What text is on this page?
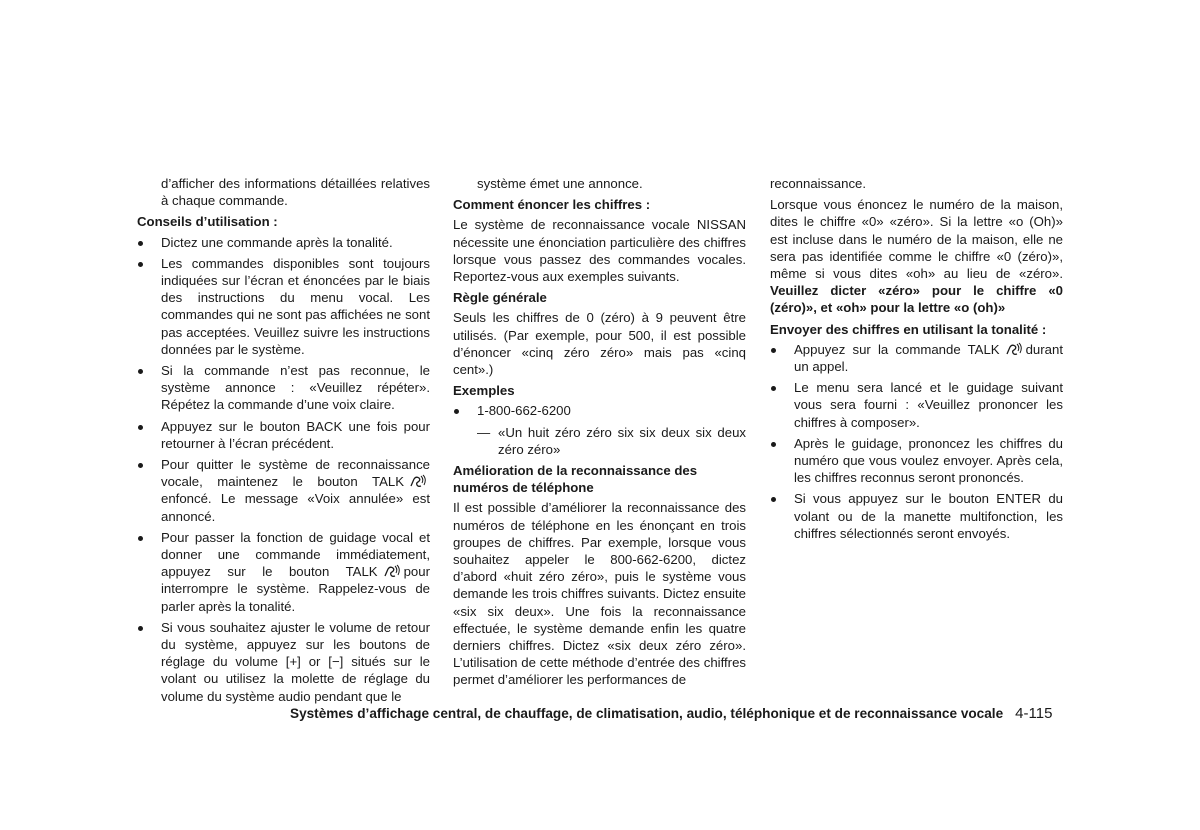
d’afficher des informations détaillées relatives à chaque commande.

Conseils d’utilisation :

Dictez une commande après la tonalité.
Les commandes disponibles sont toujours indiquées sur l’écran et énoncées par le biais des instructions du menu vocal. Les commandes qui ne sont pas affichées ne sont pas acceptées. Veuillez suivre les instructions données par le système.
Si la commande n’est pas reconnue, le système annonce : «Veuillez répéter». Répétez la commande d’une voix claire.
Appuyez sur le bouton BACK une fois pour retourner à l’écran précédent.
Pour quitter le système de reconnaissance vocale, maintenez le bouton TALKenfoncé. Le message «Voix annulée» est annoncé.
Pour passer la fonction de guidage vocal et donner une commande immédiatement, appuyez sur le bouton TALK pour interrompre le système. Rappelez-vous de parler après la tonalité.
Si vous souhaitez ajuster le volume de retour du système, appuyez sur les boutons de réglage du volume [+] or [−] situés sur le volant ou utilisez la molette de réglage du volume du système audio pendant que le

système émet une annonce.

Comment énoncer les chiffres :

Le système de reconnaissance vocale NISSAN nécessite une énonciation particulière des chiffres lorsque vous passez des commandes vocales. Reportez-vous aux exemples suivants.

Règle générale

Seuls les chiffres de 0 (zéro) à 9 peuvent être utilisés. (Par exemple, pour 500, il est possible d’énoncer «cinq zéro zéro» mais pas «cinq cent».)

Exemples

1-800-662-6200
— «Un huit zéro zéro six six deux six deux zéro zéro»

Amélioration de la reconnaissance des numéros de téléphone

Il est possible d’améliorer la reconnaissance des numéros de téléphone en les énonçant en trois groupes de chiffres. Par exemple, lorsque vous souhaitez appeler le 800-662-6200, dictez d’abord «huit zéro zéro», puis le système vous demande les trois chiffres suivants. Dictez ensuite «six six deux». Une fois la reconnaissance effectuée, le système demande enfin les quatre derniers chiffres. Dictez «six deux zéro zéro». L’utilisation de cette méthode d’entrée des chiffres permet d’améliorer les performances de

reconnaissance.

Lorsque vous énoncez le numéro de la maison, dites le chiffre «0» «zéro». Si la lettre «o (Oh)» est incluse dans le numéro de la maison, elle ne sera pas identifiée comme le chiffre «0 (zéro)», même si vous dites «oh» au lieu de «zéro». Veuillez dicter «zéro» pour le chiffre «0 (zéro)», et «oh» pour la lettre «o (oh)»

Envoyer des chiffres en utilisant la tonalité :

Appuyez sur la commande TALK durant un appel.
Le menu sera lancé et le guidage suivant vous sera fourni : «Veuillez prononcer les chiffres à composer».
Après le guidage, prononcez les chiffres du numéro que vous voulez envoyer. Après cela, les chiffres reconnus seront prononcés.
Si vous appuyez sur le bouton ENTER du volant ou de la manette multifonction, les chiffres sélectionnés seront envoyés.
Systèmes d’affichage central, de chauffage, de climatisation, audio, téléphonique et de reconnaissance vocale 4-115
